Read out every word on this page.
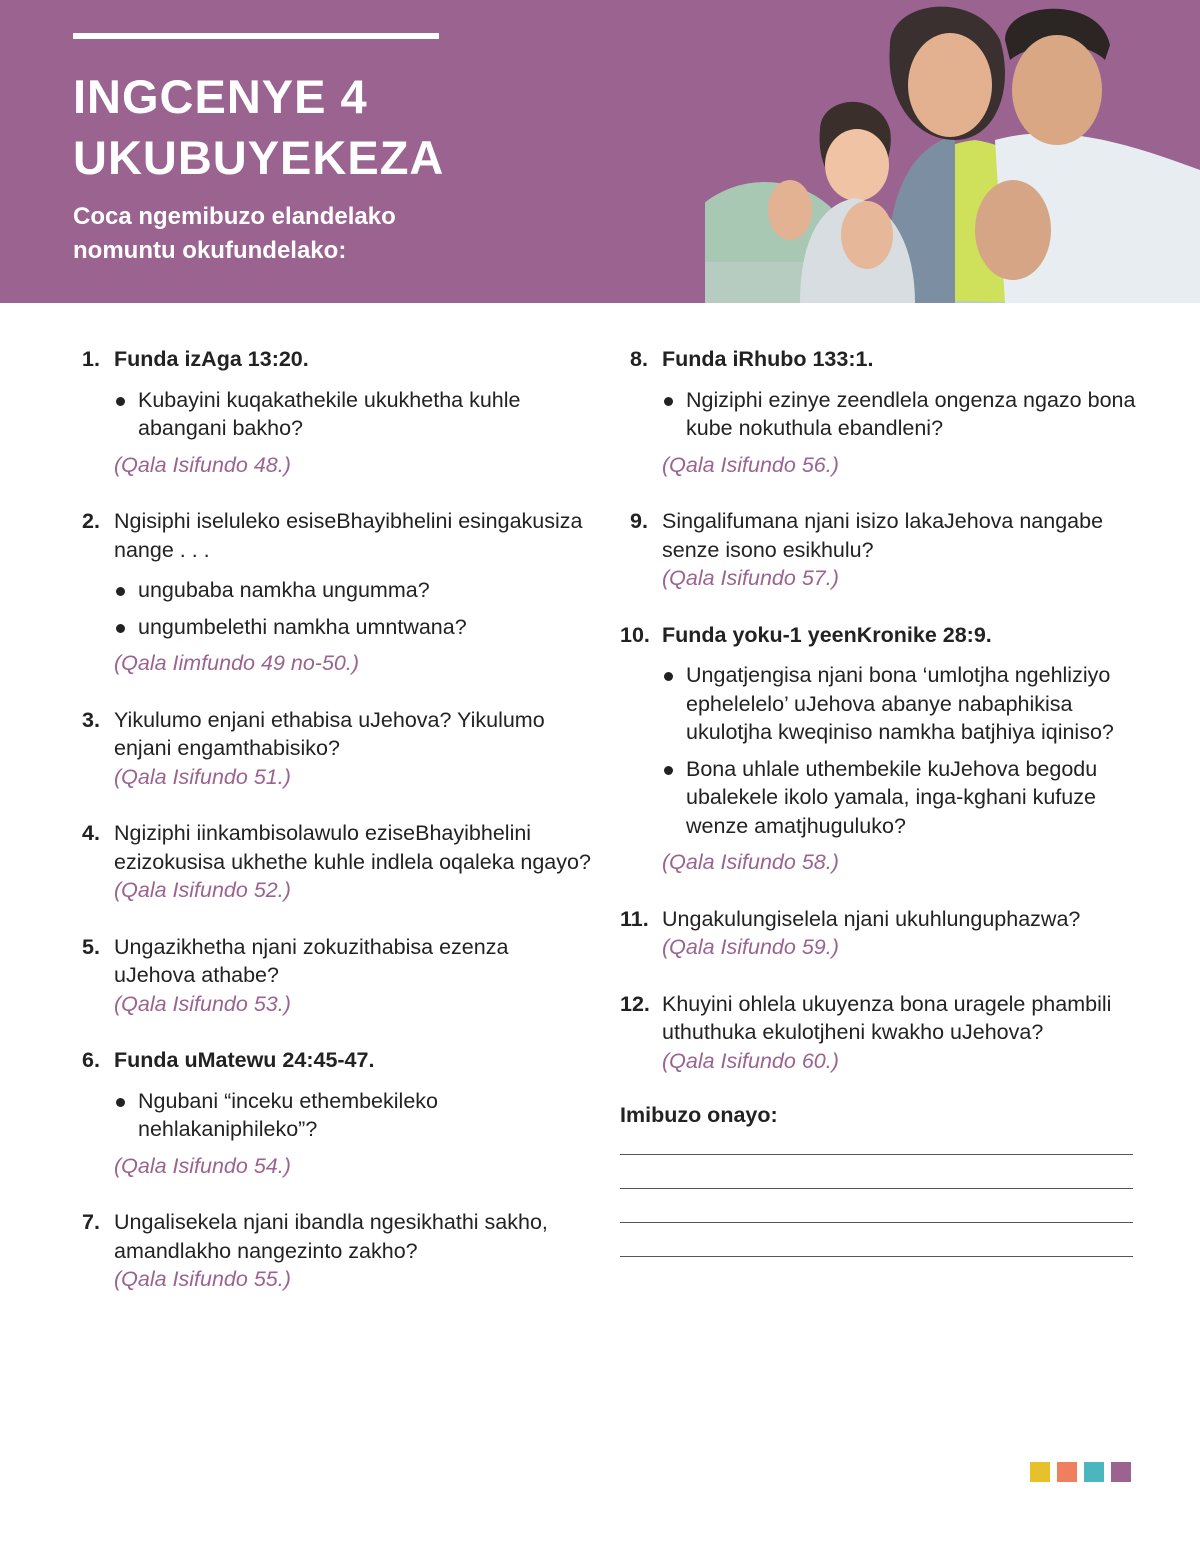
INGCENYE 4
UKUBUYEKEZA

Coca ngemibuzo elandelako
nomuntu okufundelako:

1. Funda izAga 13:20.
Kubayini kuqakathekile ukukhetha kuhle abangani bakho?
(Qala Isifundo 48.)
2. Ngisiphi iseluleko esiseBhayibhelini esingakusiza nange . . .
ungubaba namkha ungumma?
ungumbelethi namkha umntwana?
(Qala Iimfundo 49 no-50.)
3. Yikulumo enjani ethabisa uJehova? Yikulumo enjani engamthabisiko?
(Qala Isifundo 51.)
4. Ngiziphi iinkambisolawulo eziseBhayibhelini ezizokusisa ukhethe kuhle indlela oqaleka ngayo?
(Qala Isifundo 52.)
5. Ungazikhetha njani zokuzithabisa ezenza uJehova athabe?
(Qala Isifundo 53.)
6. Funda uMatewu 24:45-47.
Ngubani “inceku ethembekileko nehlakaniphileko”?
(Qala Isifundo 54.)
7. Ungalisekela njani ibandla ngesikhathi sakho, amandlakho nangezinto zakho?
(Qala Isifundo 55.)
8. Funda iRhubo 133:1.
Ngiziphi ezinye zeendlela ongenza ngazo bona kube nokuthula ebandleni?
(Qala Isifundo 56.)
9. Singalifumana njani isizo lakaJehova nangabe senze isono esikhulu?
(Qala Isifundo 57.)
10. Funda yoku-1 yeenKronike 28:9.
Ungatjengisa njani bona ‘umlotjha ngehliziyo ephelelelo’ uJehova abanye nabaphikisa ukulotjha kweqiniso namkha batjhiya iqiniso?
Bona uhlale uthembekile kuJehova begodu ubalekele ikolo yamala, inga-kghani kufuze wenze amatjhuguluko?
(Qala Isifundo 58.)
11. Ungakulungiselela njani ukuhlunguphazwa?
(Qala Isifundo 59.)
12. Khuyini ohlela ukuyenza bona uragele phambili uthuthuka ekulotjheni kwakho uJehova?
(Qala Isifundo 60.)
Imibuzo onayo:
